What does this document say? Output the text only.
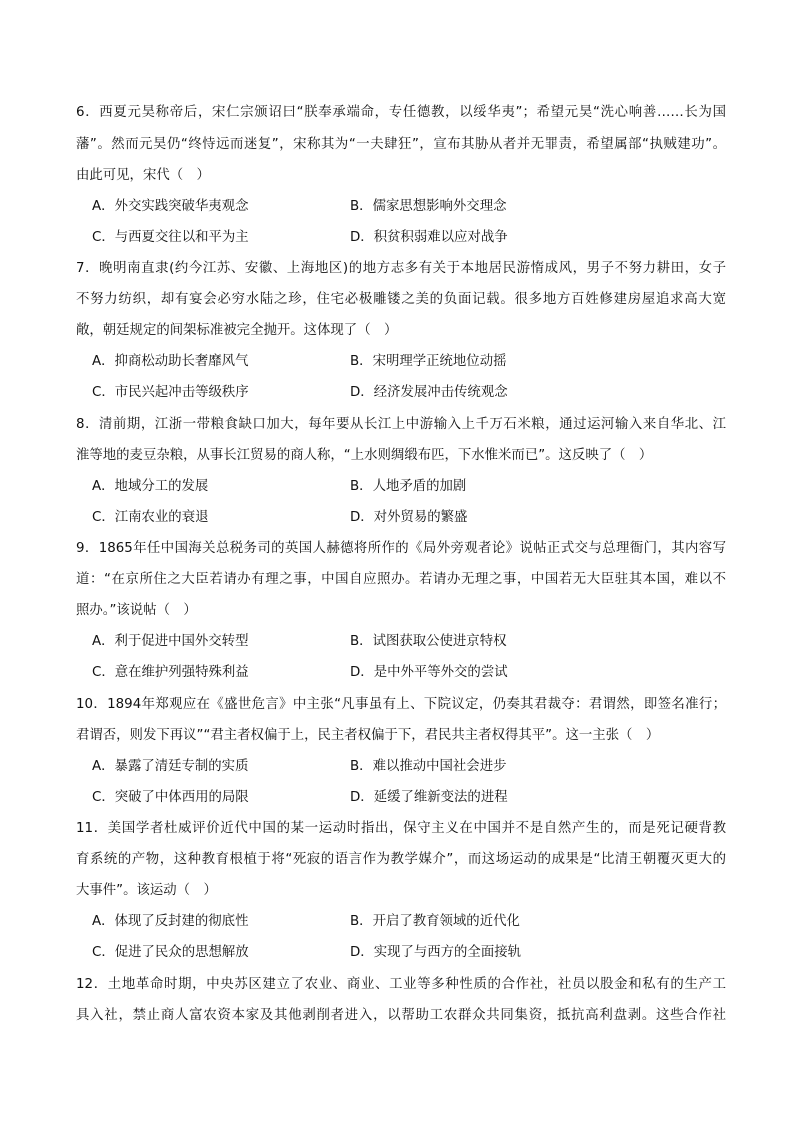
6．西夏元昊称帝后，宋仁宗颁诏曰“朕奉承端命，专任德教，以绥华夷”；希望元昊“洗心响善……长为国
藩”。然而元昊仍“终恃远而迷复”，宋称其为“一夫肆狂”，宣布其胁从者并无罪责，希望属部“执贼建功”。
由此可见，宋代（　）
A．外交实践突破华夷观念	B．儒家思想影响外交理念
C．与西夏交往以和平为主	D．积贫积弱难以应对战争
7．晚明南直隶(约今江苏、安徽、上海地区)的地方志多有关于本地居民游惰成风，男子不努力耕田，女子
不努力纺织，却有宴会必穷水陆之珍，住宅必极雕镂之美的负面记载。很多地方百姓修建房屋追求高大宽
敞，朝廷规定的间架标准被完全抛开。这体现了（　）
A．抑商松动助长奢靡风气	B．宋明理学正统地位动摇
C．市民兴起冲击等级秩序	D．经济发展冲击传统观念
8．清前期，江浙一带粮食缺口加大，每年要从长江上中游输入上千万石米粮，通过运河输入来自华北、江
淮等地的麦豆杂粮，从事长江贸易的商人称，“上水则绸缎布匹，下水惟米而已”。这反映了（　）
A．地域分工的发展	B．人地矛盾的加剧
C．江南农业的衰退	D．对外贸易的繁盛
9．1865年任中国海关总税务司的英国人赫德将所作的《局外旁观者论》说帖正式交与总理衙门，其内容写
道：“在京所住之大臣若请办有理之事，中国自应照办。若请办无理之事，中国若无大臣驻其本国，难以不
照办。”该说帖（　）
A．利于促进中国外交转型	B．试图获取公使进京特权
C．意在维护列强特殊利益	D．是中外平等外交的尝试
10．1894年郑观应在《盛世危言》中主张“凡事虽有上、下院议定，仍奏其君裁夺：君谓然，即签名准行；
君谓否，则发下再议”“君主者权偏于上，民主者权偏于下，君民共主者权得其平”。这一主张（　）
A．暴露了清廷专制的实质	B．难以推动中国社会进步
C．突破了中体西用的局限	D．延缓了维新变法的进程
11．美国学者杜威评价近代中国的某一运动时指出，保守主义在中国并不是自然产生的，而是死记硬背教
育系统的产物，这种教育根植于将“死寂的语言作为教学媒介”，而这场运动的成果是“比清王朝覆灭更大的
大事件”。该运动（　）
A．体现了反封建的彻底性	B．开启了教育领域的近代化
C．促进了民众的思想解放	D．实现了与西方的全面接轨
12．土地革命时期，中央苏区建立了农业、商业、工业等多种性质的合作社，社员以股金和私有的生产工
具入社，禁止商人富农资本家及其他剥削者进入，以帮助工农群众共同集资，抵抗高利盘剥。这些合作社
